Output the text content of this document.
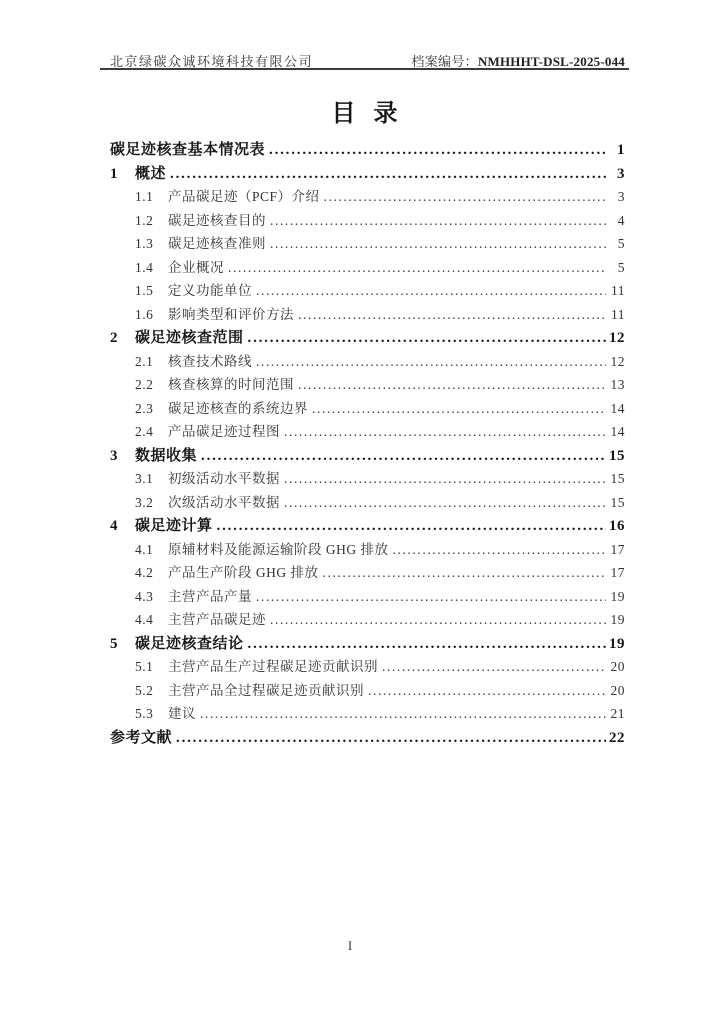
北京绿碳众诚环境科技有限公司	档案编号：NMHHHT-DSL-2025-044
目 录
碳足迹核查基本情况表 .....	1
1	概述 .....	3
1.1	产品碳足迹（PCF）介绍 .....	3
1.2	碳足迹核查目的 .....	4
1.3	碳足迹核查准则 .....	5
1.4	企业概况 .....	5
1.5	定义功能单位 .....	11
1.6	影响类型和评价方法 .....	11
2	碳足迹核查范围 .....	12
2.1	核查技术路线 .....	12
2.2	核查核算的时间范围 .....	13
2.3	碳足迹核查的系统边界 .....	14
2.4	产品碳足迹过程图 .....	14
3	数据收集 .....	15
3.1	初级活动水平数据 .....	15
3.2	次级活动水平数据 .....	15
4	碳足迹计算 .....	16
4.1	原辅材料及能源运输阶段 GHG 排放 .....	17
4.2	产品生产阶段 GHG 排放 .....	17
4.3	主营产品产量 .....	19
4.4	主营产品碳足迹 .....	19
5	碳足迹核查结论 .....	19
5.1	主营产品生产过程碳足迹贡献识别 .....	20
5.2	主营产品全过程碳足迹贡献识别 .....	20
5.3	建议 .....	21
参考文献 .....	22
I
